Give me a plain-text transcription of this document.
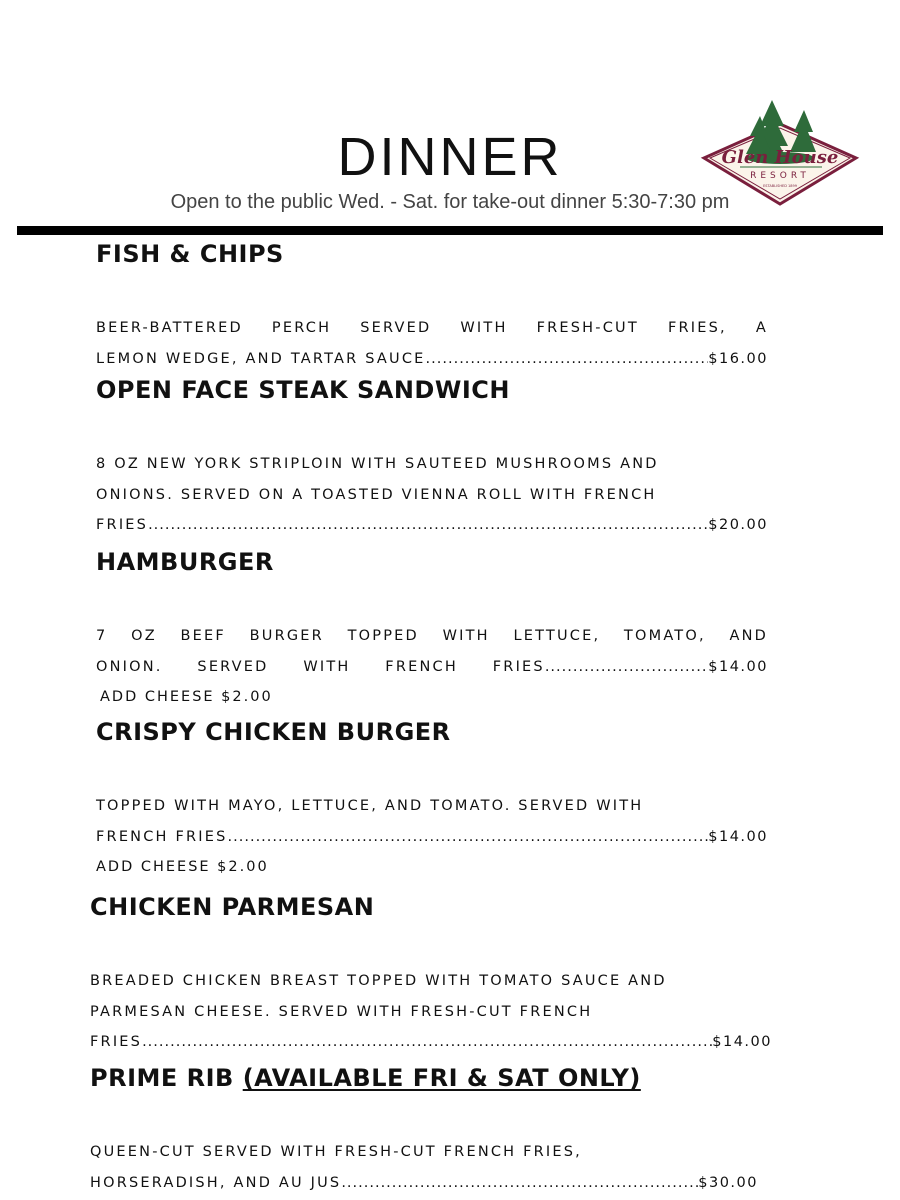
DINNER
Open to the public Wed. - Sat. for take-out dinner 5:30-7:30 pm
Glen House
RESORT
ESTABLISHED 1899
FISH & CHIPS
BEER-BATTERED PERCH SERVED WITH FRESH-CUT FRIES, A
LEMON WEDGE, AND TARTAR SAUCE .....	$16.00
OPEN FACE STEAK SANDWICH
8 OZ NEW YORK STRIPLOIN WITH SAUTEED MUSHROOMS AND
ONIONS. SERVED ON A TOASTED VIENNA ROLL WITH FRENCH
FRIES .....	$20.00
HAMBURGER
7 OZ BEEF BURGER TOPPED WITH LETTUCE, TOMATO, AND
ONION. SERVED WITH FRENCH FRIES .....	$14.00
ADD CHEESE $2.00
CRISPY CHICKEN BURGER
TOPPED WITH MAYO, LETTUCE, AND TOMATO. SERVED WITH
FRENCH FRIES .....	$14.00
ADD CHEESE $2.00
CHICKEN PARMESAN
BREADED CHICKEN BREAST TOPPED WITH TOMATO SAUCE AND
PARMESAN CHEESE. SERVED WITH FRESH-CUT FRENCH
FRIES .....	$14.00
PRIME RIB (AVAILABLE FRI & SAT ONLY)
QUEEN-CUT SERVED WITH FRESH-CUT FRENCH FRIES,
HORSERADISH, AND AU JUS .....	$30.00
